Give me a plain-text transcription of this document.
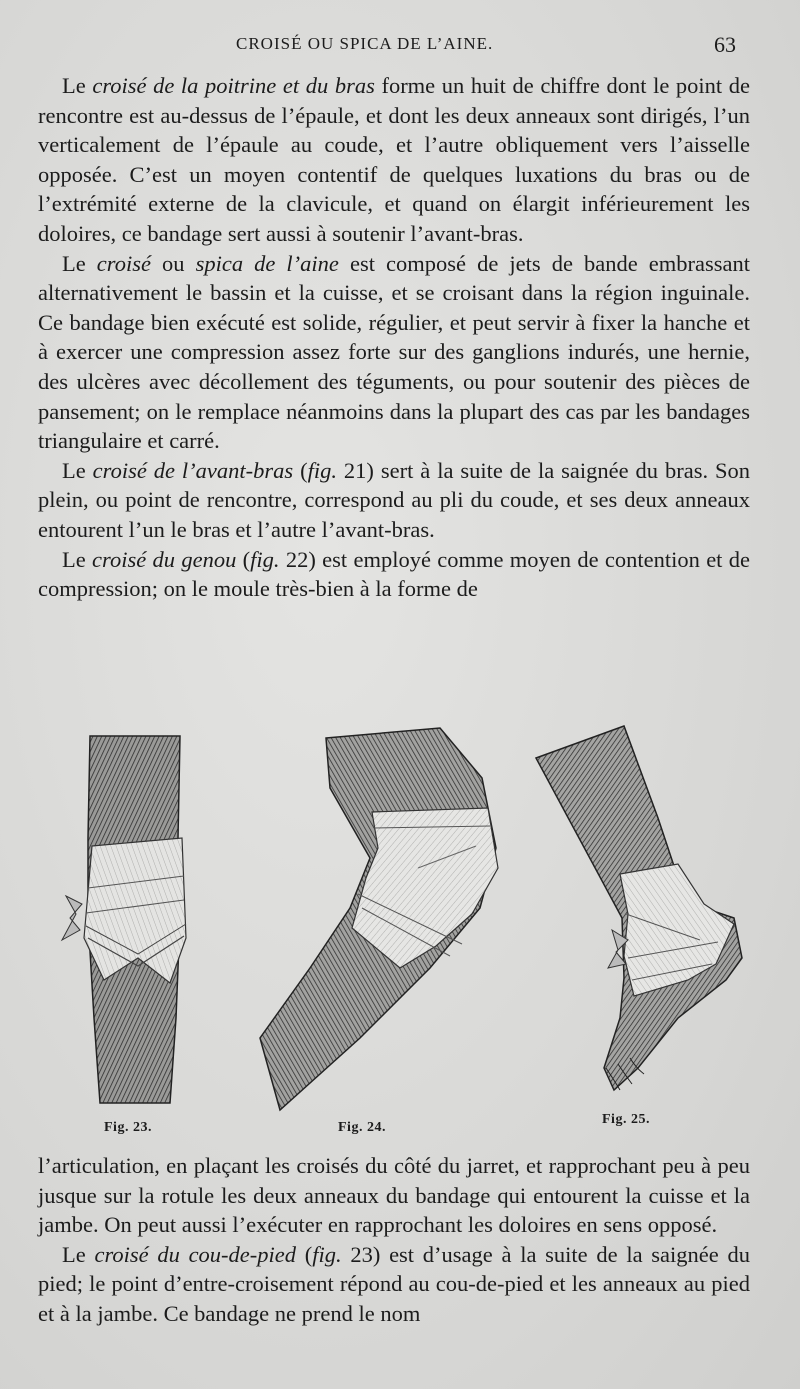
CROISÉ OU SPICA DE L’AINE.	63

Le croisé de la poitrine et du bras forme un huit de chiffre dont le point de rencontre est au-dessus de l’épaule, et dont les deux anneaux sont dirigés, l’un verticalement de l’épaule au coude, et l’autre obliquement vers l’aisselle opposée. C’est un moyen contentif de quelques luxations du bras ou de l’extrémité externe de la clavicule, et quand on élargit inférieurement les doloires, ce bandage sert aussi à soutenir l’avant-bras.

Le croisé ou spica de l’aine est composé de jets de bande embrassant alternativement le bassin et la cuisse, et se croisant dans la région inguinale. Ce bandage bien exécuté est solide, régulier, et peut servir à fixer la hanche et à exercer une compression assez forte sur des ganglions indurés, une hernie, des ulcères avec décollement des téguments, ou pour soutenir des pièces de pansement; on le remplace néanmoins dans la plupart des cas par les bandages triangulaire et carré.

Le croisé de l’avant-bras (fig. 21) sert à la suite de la saignée du bras. Son plein, ou point de rencontre, correspond au pli du coude, et ses deux anneaux entourent l’un le bras et l’autre l’avant-bras.

Le croisé du genou (fig. 22) est employé comme moyen de contention et de compression; on le moule très-bien à la forme de

Fig. 23.	Fig. 24.
Fig. 25.

l’articulation, en plaçant les croisés du côté du jarret, et rapprochant peu à peu jusque sur la rotule les deux anneaux du bandage qui entourent la cuisse et la jambe. On peut aussi l’exécuter en rapprochant les doloires en sens opposé.

Le croisé du cou-de-pied (fig. 23) est d’usage à la suite de la saignée du pied; le point d’entre-croisement répond au cou-de-pied et les anneaux au pied et à la jambe. Ce bandage ne prend le nom
